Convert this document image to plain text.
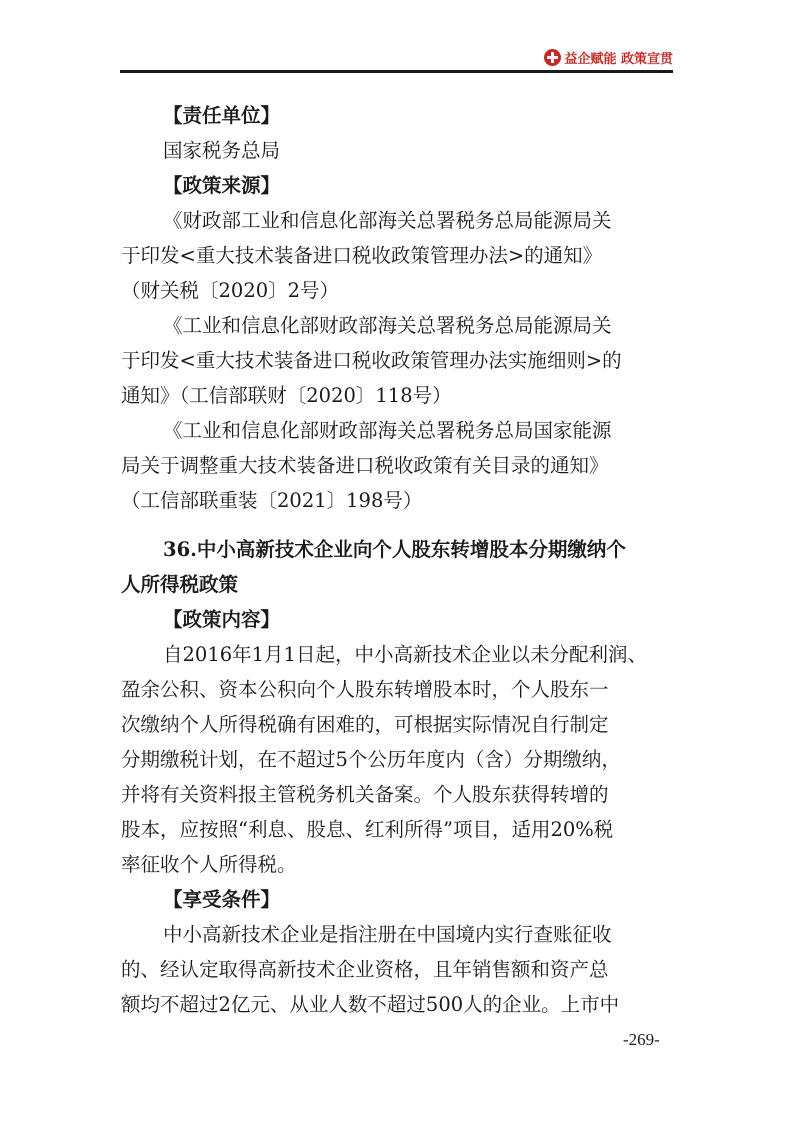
益企赋能 政策宣贯
【责任单位】
国家税务总局
【政策来源】
《财政部工业和信息化部海关总署税务总局能源局关
于印发<重大技术装备进口税收政策管理办法>的通知》
（财关税〔2020〕2号）
《工业和信息化部财政部海关总署税务总局能源局关
于印发<重大技术装备进口税收政策管理办法实施细则>的
通知》（工信部联财〔2020〕118号）
《工业和信息化部财政部海关总署税务总局国家能源
局关于调整重大技术装备进口税收政策有关目录的通知》
（工信部联重装〔2021〕198号）
36.中小高新技术企业向个人股东转增股本分期缴纳个
人所得税政策
【政策内容】
自2016年1月1日起，中小高新技术企业以未分配利润、
盈余公积、资本公积向个人股东转增股本时，个人股东一
次缴纳个人所得税确有困难的，可根据实际情况自行制定
分期缴税计划，在不超过5个公历年度内（含）分期缴纳，
并将有关资料报主管税务机关备案。个人股东获得转增的
股本，应按照“利息、股息、红利所得”项目，适用20%税
率征收个人所得税。
【享受条件】
中小高新技术企业是指注册在中国境内实行查账征收
的、经认定取得高新技术企业资格，且年销售额和资产总
额均不超过2亿元、从业人数不超过500人的企业。上市中
-269-
